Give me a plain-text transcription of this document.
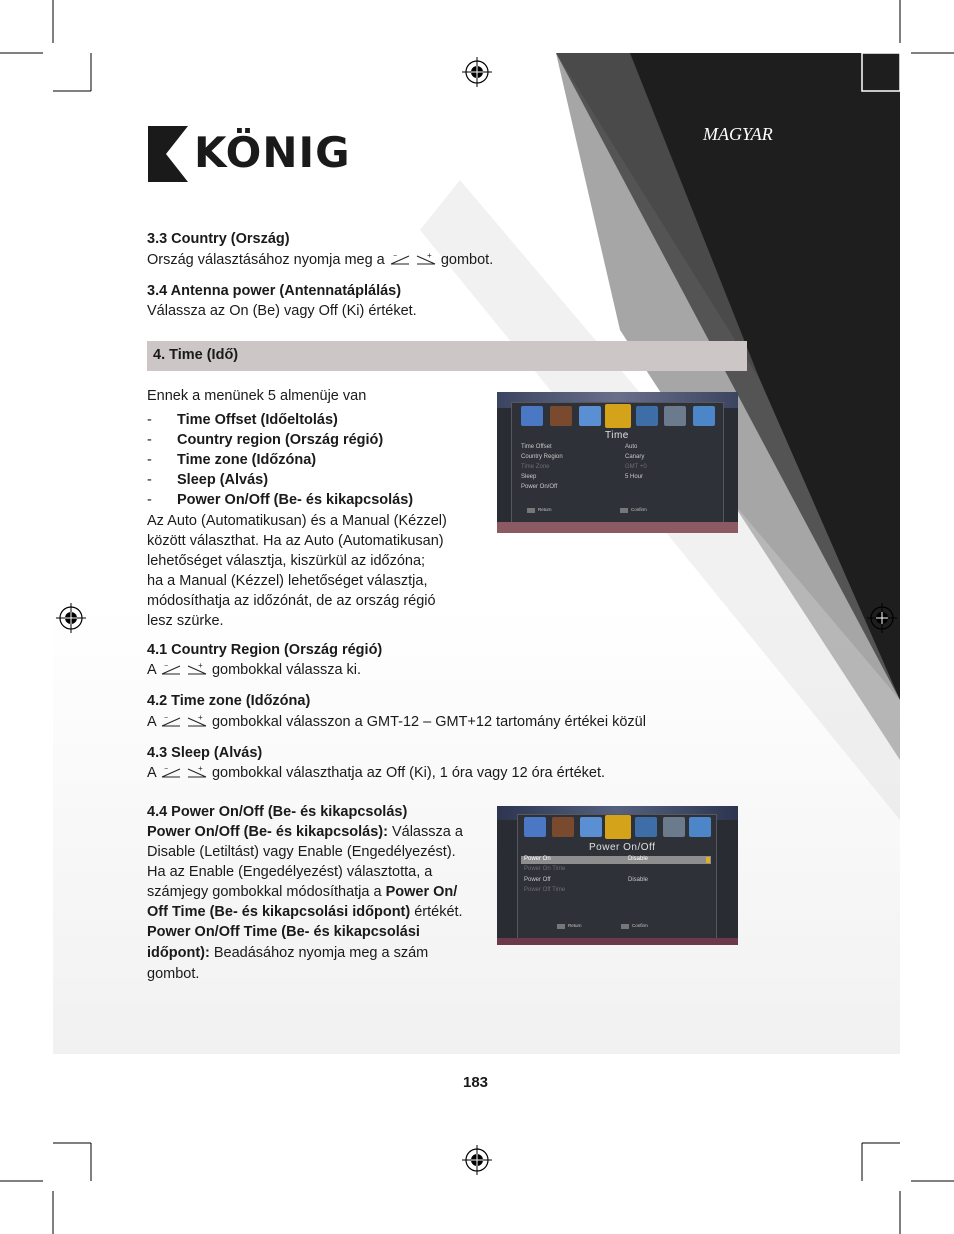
KÖNIG	MAGYAR
3.3 Country (Ország)
Ország választásához nyomja meg a −
	+ gombot.
3.4 Antenna power (Antennatáplálás)
Válassza az On (Be) vagy Off (Ki) értéket.
4. Time (Idő)
Ennek a menünek 5 almenüje van
- Time Offset (Időeltolás)
- Country region (Ország régió)
- Time zone (Időzóna)
- Sleep (Alvás)
- Power On/Off (Be- és kikapcsolás)
Az Auto (Automatikusan) és a Manual (Kézzel)
között választhat. Ha az Auto (Automatikusan)
lehetőséget választja, kiszürkül az időzóna;
ha a Manual (Kézzel) lehetőséget választja,
módosíthatja az időzónát, de az ország régió
lesz szürke.
Time
Time Offset	Auto
Country Region	Canary
Time Zone	GMT +0
Sleep	5 Hour
Power On/Off
Return	Confirm
4.1 Country Region (Ország régió)
A −
	+ gombokkal válassza ki.
4.2 Time zone (Időzóna)
A −
	+ gombokkal válasszon a GMT-12 – GMT+12 tartomány értékei közül
4.3 Sleep (Alvás)
A −
	+ gombokkal választhatja az Off (Ki), 1 óra vagy 12 óra értéket.
4.4 Power On/Off (Be- és kikapcsolás)
Power On/Off (Be- és kikapcsolás): Válassza a
Disable (Letiltást) vagy Enable (Engedélyezést).
Ha az Enable (Engedélyezést) választotta, a
számjegy gombokkal módosíthatja a Power On/
Off Time (Be- és kikapcsolási időpont) értékét.
Power On/Off Time (Be- és kikapcsolási
időpont): Beadásához nyomja meg a szám
gombot.
Power On/Off
Power On	Disable
Power On Time
Power Off	Disable
Power Off Time
Return	Confirm
183
